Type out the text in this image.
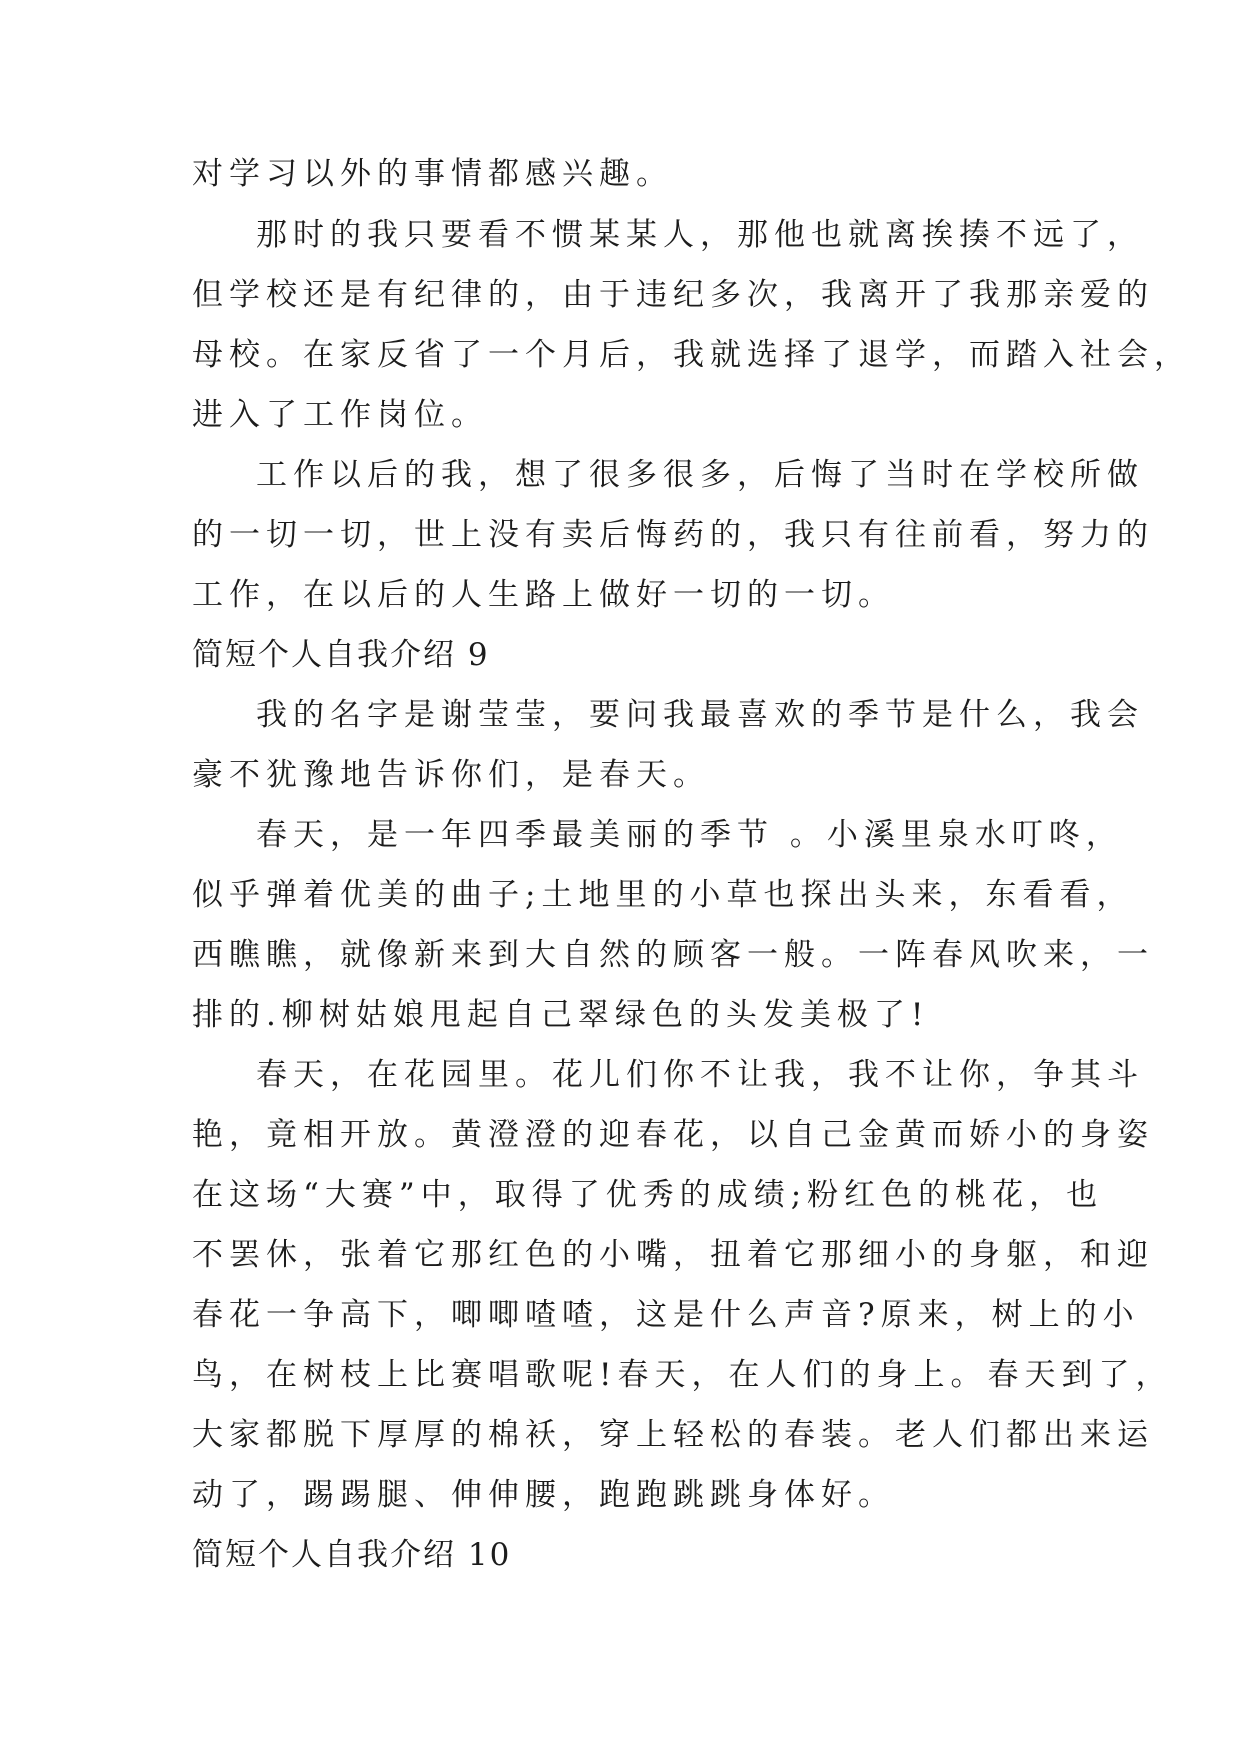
对学习以外的事情都感兴趣。
那时的我只要看不惯某某人，那他也就离挨揍不远了，
但学校还是有纪律的，由于违纪多次，我离开了我那亲爱的
母校。在家反省了一个月后，我就选择了退学，而踏入社会，
进入了工作岗位。
工作以后的我，想了很多很多，后悔了当时在学校所做
的一切一切，世上没有卖后悔药的，我只有往前看，努力的
工作，在以后的人生路上做好一切的一切。
简短个人自我介绍 9
我的名字是谢莹莹，要问我最喜欢的季节是什么，我会
豪不犹豫地告诉你们，是春天。
春天，是一年四季最美丽的季节 。小溪里泉水叮咚，
似乎弹着优美的曲子;土地里的小草也探出头来，东看看，
西瞧瞧，就像新来到大自然的顾客一般。一阵春风吹来，一
排的.柳树姑娘甩起自己翠绿色的头发美极了!
春天，在花园里。花儿们你不让我，我不让你，争其斗
艳，竟相开放。黄澄澄的迎春花，以自己金黄而娇小的身姿
在这场“大赛”中，取得了优秀的成绩;粉红色的桃花，也
不罢休，张着它那红色的小嘴，扭着它那细小的身躯，和迎
春花一争高下，唧唧喳喳，这是什么声音?原来，树上的小
鸟，在树枝上比赛唱歌呢!春天，在人们的身上。春天到了，
大家都脱下厚厚的棉袄，穿上轻松的春装。老人们都出来运
动了，踢踢腿、伸伸腰，跑跑跳跳身体好。
简短个人自我介绍 10
